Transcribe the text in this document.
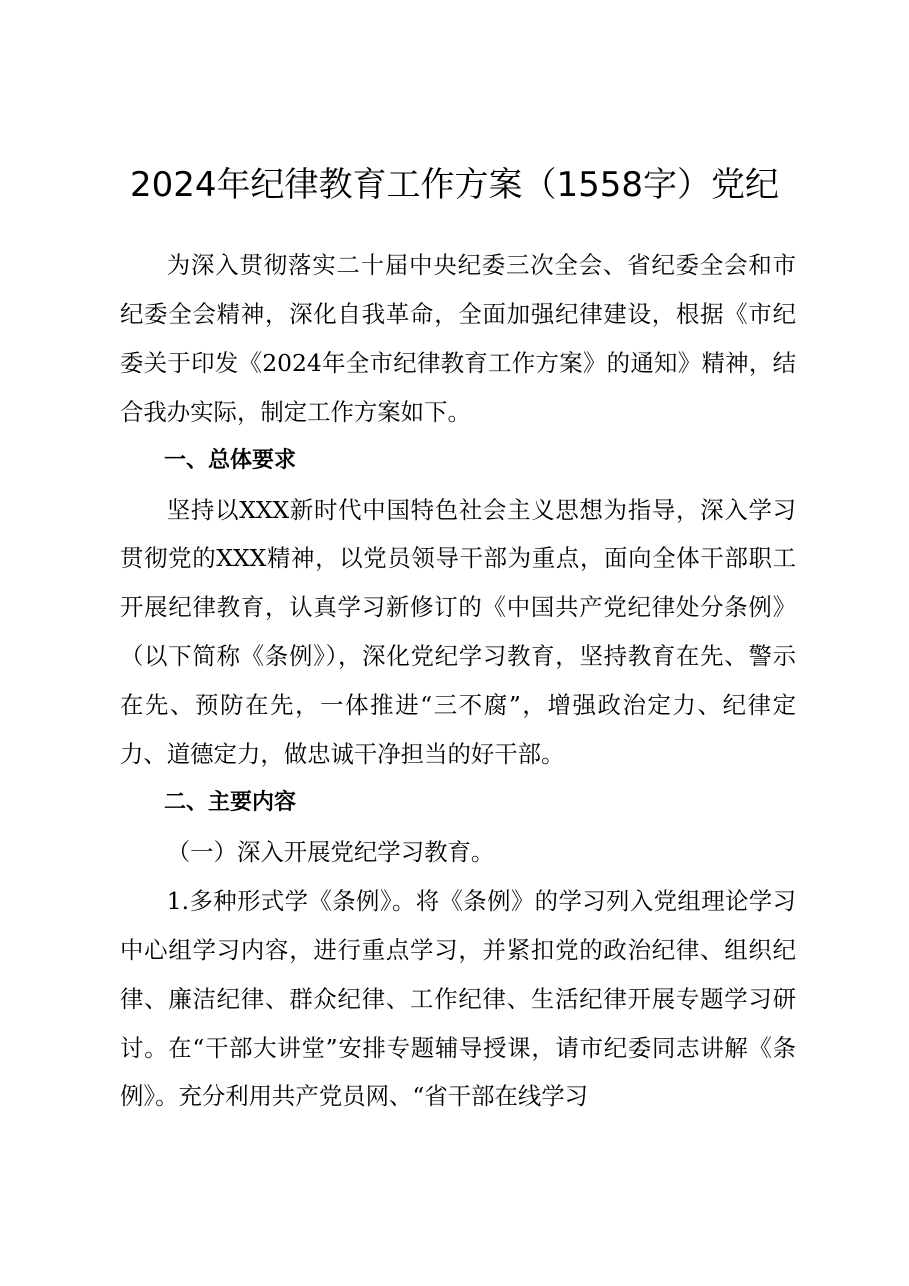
2024年纪律教育工作方案（1558字）党纪

为深入贯彻落实二十届中央纪委三次全会、省纪委全会和市纪委全会精神，深化自我革命，全面加强纪律建设，根据《市纪委关于印发《2024年全市纪律教育工作方案》的通知》精神，结合我办实际，制定工作方案如下。

一、总体要求

坚持以XXX新时代中国特色社会主义思想为指导，深入学习贯彻党的XXX精神，以党员领导干部为重点，面向全体干部职工开展纪律教育，认真学习新修订的《中国共产党纪律处分条例》（以下简称《条例》），深化党纪学习教育，坚持教育在先、警示在先、预防在先，一体推进“三不腐”，增强政治定力、纪律定力、道德定力，做忠诚干净担当的好干部。

二、主要内容

（一）深入开展党纪学习教育。

1.多种形式学《条例》。将《条例》的学习列入党组理论学习中心组学习内容，进行重点学习，并紧扣党的政治纪律、组织纪律、廉洁纪律、群众纪律、工作纪律、生活纪律开展专题学习研讨。在“干部大讲堂”安排专题辅导授课，请市纪委同志讲解《条例》。充分利用共产党员网、“省干部在线学习
